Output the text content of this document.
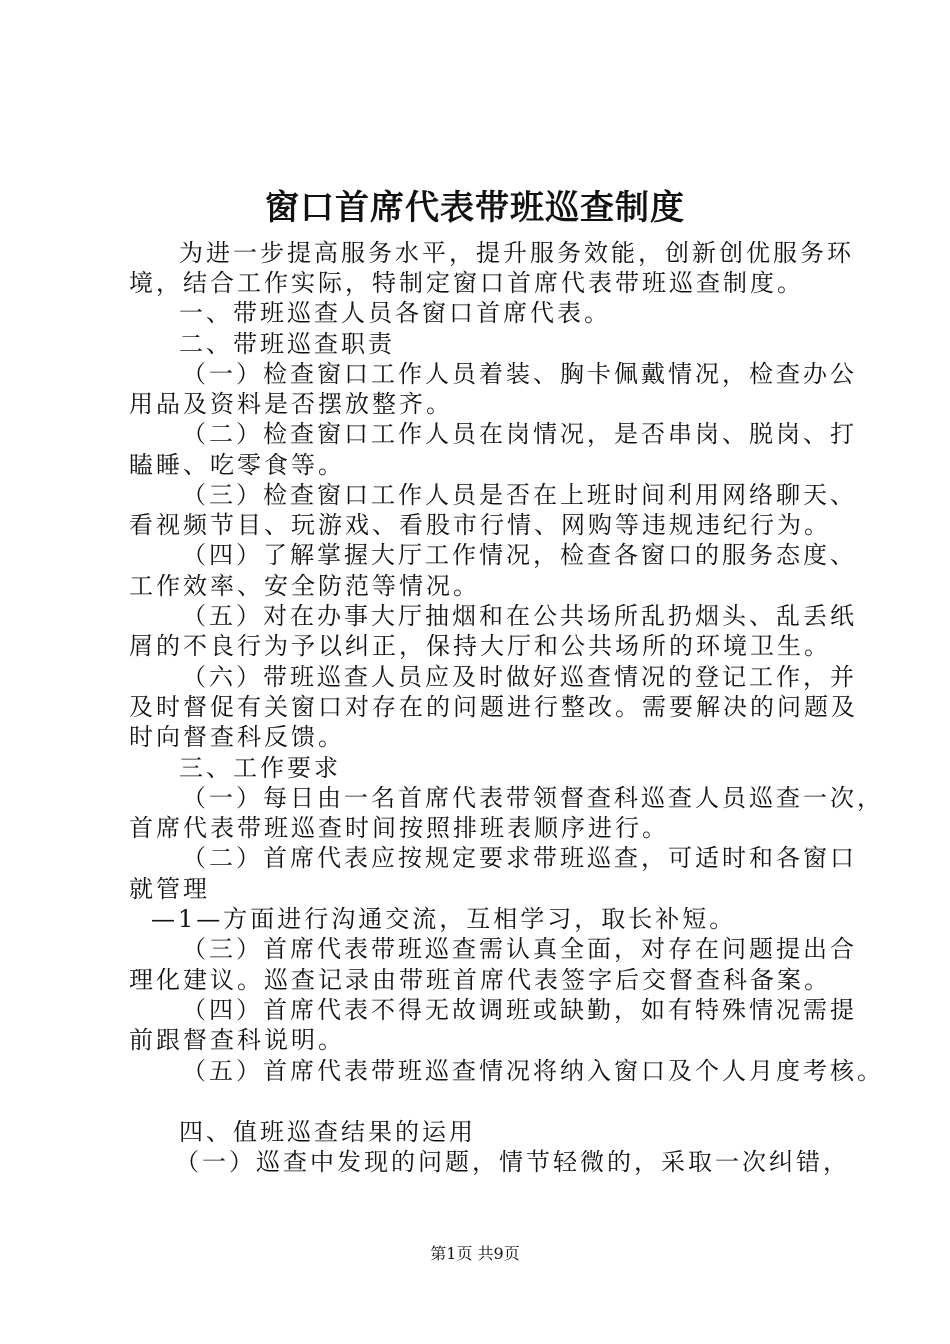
窗口首席代表带班巡查制度

为进一步提高服务水平，提升服务效能，创新创优服务环

境，结合工作实际，特制定窗口首席代表带班巡查制度。

一、带班巡查人员各窗口首席代表。

二、带班巡查职责

（一）检查窗口工作人员着装、胸卡佩戴情况，检查办公

用品及资料是否摆放整齐。

（二）检查窗口工作人员在岗情况，是否串岗、脱岗、打

瞌睡、吃零食等。

（三）检查窗口工作人员是否在上班时间利用网络聊天、

看视频节目、玩游戏、看股市行情、网购等违规违纪行为。

（四）了解掌握大厅工作情况，检查各窗口的服务态度、

工作效率、安全防范等情况。

（五）对在办事大厅抽烟和在公共场所乱扔烟头、乱丢纸

屑的不良行为予以纠正，保持大厅和公共场所的环境卫生。

（六）带班巡查人员应及时做好巡查情况的登记工作，并

及时督促有关窗口对存在的问题进行整改。需要解决的问题及

时向督查科反馈。

三、工作要求

（一）每日由一名首席代表带领督查科巡查人员巡查一次，

首席代表带班巡查时间按照排班表顺序进行。

（二）首席代表应按规定要求带班巡查，可适时和各窗口

就管理

—1—方面进行沟通交流，互相学习，取长补短。

（三）首席代表带班巡查需认真全面，对存在问题提出合

理化建议。巡查记录由带班首席代表签字后交督查科备案。

（四）首席代表不得无故调班或缺勤，如有特殊情况需提

前跟督查科说明。

（五）首席代表带班巡查情况将纳入窗口及个人月度考核。

四、值班巡查结果的运用

（一）巡查中发现的问题，情节轻微的，采取一次纠错，

第1页 共9页
